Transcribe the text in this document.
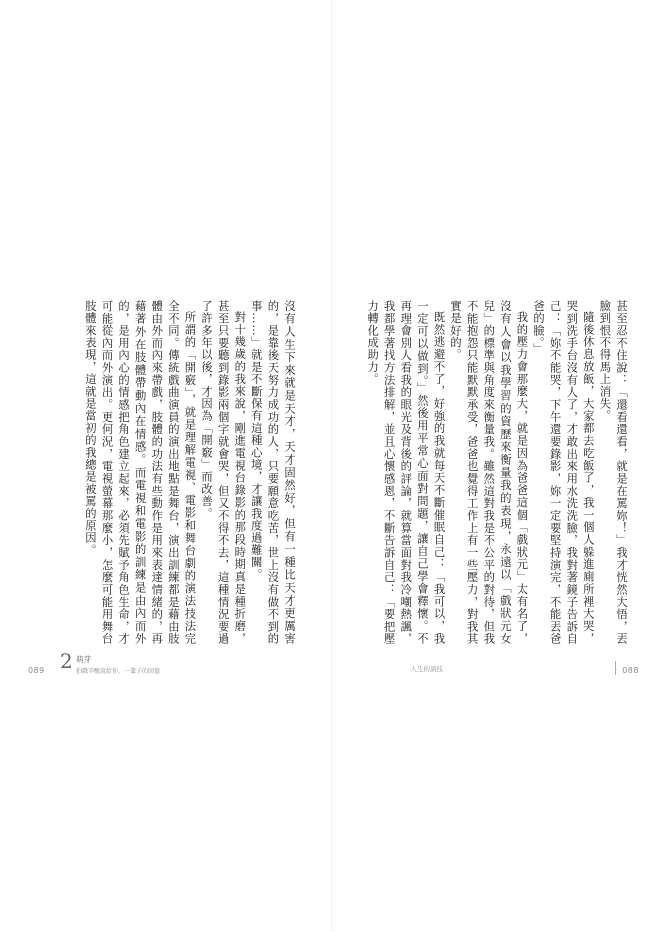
甚至忍不住說：「還看還看，就是在罵妳！」我才恍然大悟，丟臉到恨不得馬上消失。

隨後休息放飯，大家都去吃飯了，我一個人躲進廁所裡大哭，哭到洗手台沒有人了，才敢出來用水洗洗臉，我對著鏡子告訴自己：「妳不能哭，下午還要錄影，妳一定要堅持演完，不能丟爸爸的臉。」

我的壓力會那麼大，就是因為爸爸這個「戲狀元」太有名了，沒有人會以我學習的資歷來衡量我的表現，永遠以「戲狀元女兒」的標準與角度來衡量我。雖然這對我是不公平的對待，但我不能抱怨只能默默承受，爸爸也覺得工作上有一些壓力，對我其實是好的。

既然逃避不了，好強的我就每天不斷催眠自己：「我可以，我一定可以做到。」然後用平常心面對問題，讓自己學會釋懷。不再理會別人看我的眼光及背後的評論，就算當面對我冷嘲熱諷，我都學著找方法排解，並且心懷感恩，不斷告訴自己：「要把壓力轉化成助力。

沒有人生下來就是天才，天才固然好，但有一種比天才更厲害的，是靠後天努力成功的人，只要願意吃苦，世上沒有做不到的事……」就是不斷保有這種心境，才讓我度過難關。

對十幾歲的我來說，剛進電視台錄影的那段時期真是種折磨，甚至只要聽到錄影兩個字就會哭，但又不得不去，這種情況要過了許多年以後，才因為「開竅」而改善。

所謂的「開竅」，就是理解電視、電影和舞台劇的演法技法完全不同。傳統戲曲演員的演出地點是舞台，演出訓練都是藉由肢體由外而內來帶戲，肢體的功法有些動作是用來表達情緒的，再藉著外在肢體帶動內在情感。而電視和電影的訓練是由內而外的，是用內心的情感把角色建立起來，必須先賦予角色生命，才可能從內而外演出。更何況，電視螢幕那麼小，怎麼可能用舞台肢體來表現，這就是當初的我總是被罵的原因。

089 2 萌芽
拍戲辛酸說給你，一輩子的回憶	人生的演技	088
